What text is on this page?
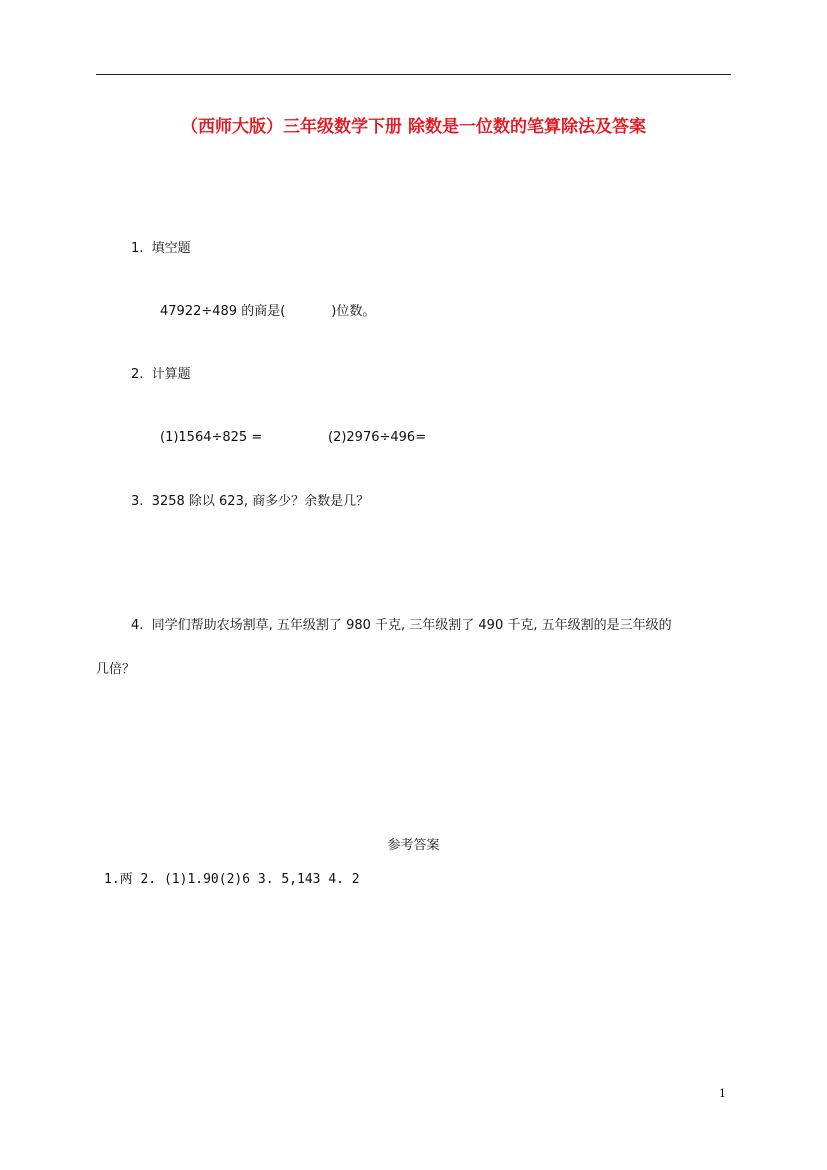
（西师大版）三年级数学下册 除数是一位数的笔算除法及答案
1. 填空题
47922÷489 的商是(	)位数。
2. 计算题
(1)1564÷825 =	(2)2976÷496=
3. 3258 除以 623, 商多少？余数是几？
4. 同学们帮助农场割草, 五年级割了 980 千克, 三年级割了 490 千克, 五年级割的是三年级的
几倍？
参考答案
1.两 2. (1)1.90(2)6 3. 5,143 4. 2
1
